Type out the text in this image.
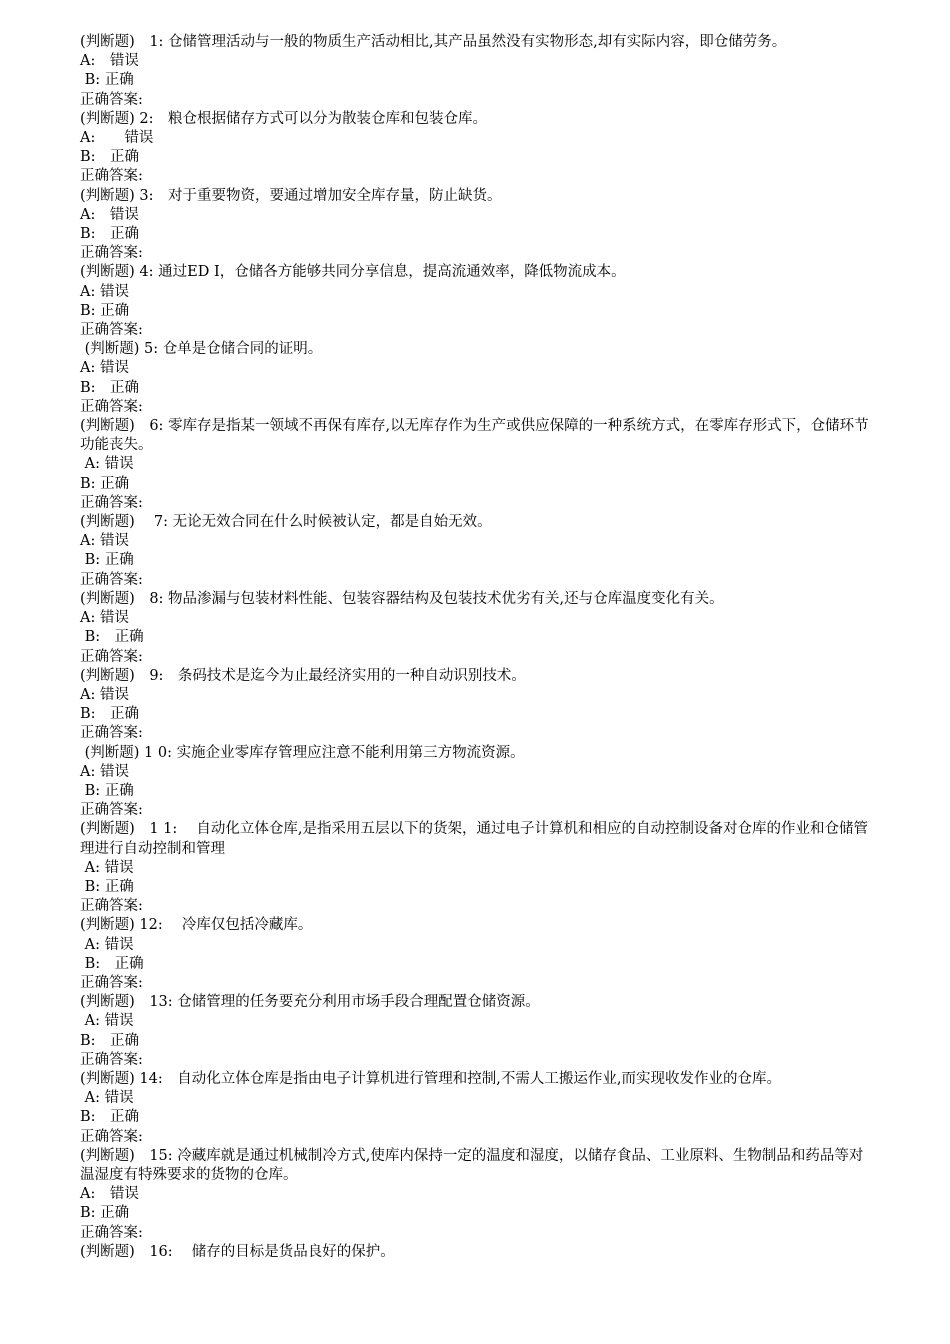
(判断题)　1: 仓储管理活动与一般的物质生产活动相比,其产品虽然没有实物形态,却有实际内容，即仓储劳务。
A:　错误
B: 正确
正确答案:
(判断题) 2:　粮仓根据储存方式可以分为散装仓库和包装仓库。
A:　　错误
B:　正确
正确答案:
(判断题) 3:　对于重要物资，要通过增加安全库存量，防止缺货。
A:　错误
B:　正确
正确答案:
(判断题) 4: 通过ED I，仓储各方能够共同分享信息，提高流通效率，降低物流成本。
A: 错误
B: 正确
正确答案:
(判断题) 5: 仓单是仓储合同的证明。
A: 错误
B:　正确
正确答案:
(判断题)　6: 零库存是指某一领域不再保有库存,以无库存作为生产或供应保障的一种系统方式，在零库存形式下，仓储环节功能丧失。
A: 错误
B: 正确
正确答案:
(判断题)　 7: 无论无效合同在什么时候被认定，都是自始无效。
A: 错误
B: 正确
正确答案:
(判断题)　8: 物品渗漏与包装材料性能、包装容器结构及包装技术优劣有关,还与仓库温度变化有关。
A: 错误
B:　正确
正确答案:
(判断题)　9:　条码技术是迄今为止最经济实用的一种自动识别技术。
A: 错误
B:　正确
正确答案:
(判断题) 1 0: 实施企业零库存管理应注意不能利用第三方物流资源。
A: 错误
B: 正确
正确答案:
(判断题)　1 1:　 自动化立体仓库,是指采用五层以下的货架，通过电子计算机和相应的自动控制设备对仓库的作业和仓储管理进行自动控制和管理
A: 错误
B: 正确
正确答案:
(判断题) 12:　 冷库仅包括冷藏库。
A: 错误
B:　正确
正确答案:
(判断题)　13: 仓储管理的任务要充分利用市场手段合理配置仓储资源。
A: 错误
B:　正确
正确答案:
(判断题) 14:　自动化立体仓库是指由电子计算机进行管理和控制,不需人工搬运作业,而实现收发作业的仓库。
A: 错误
B:　正确
正确答案:
(判断题)　15: 冷藏库就是通过机械制冷方式,使库内保持一定的温度和湿度，以储存食品、工业原料、生物制品和药品等对温湿度有特殊要求的货物的仓库。
A:　错误
B: 正确
正确答案:
(判断题)　16:　 储存的目标是货品良好的保护。
